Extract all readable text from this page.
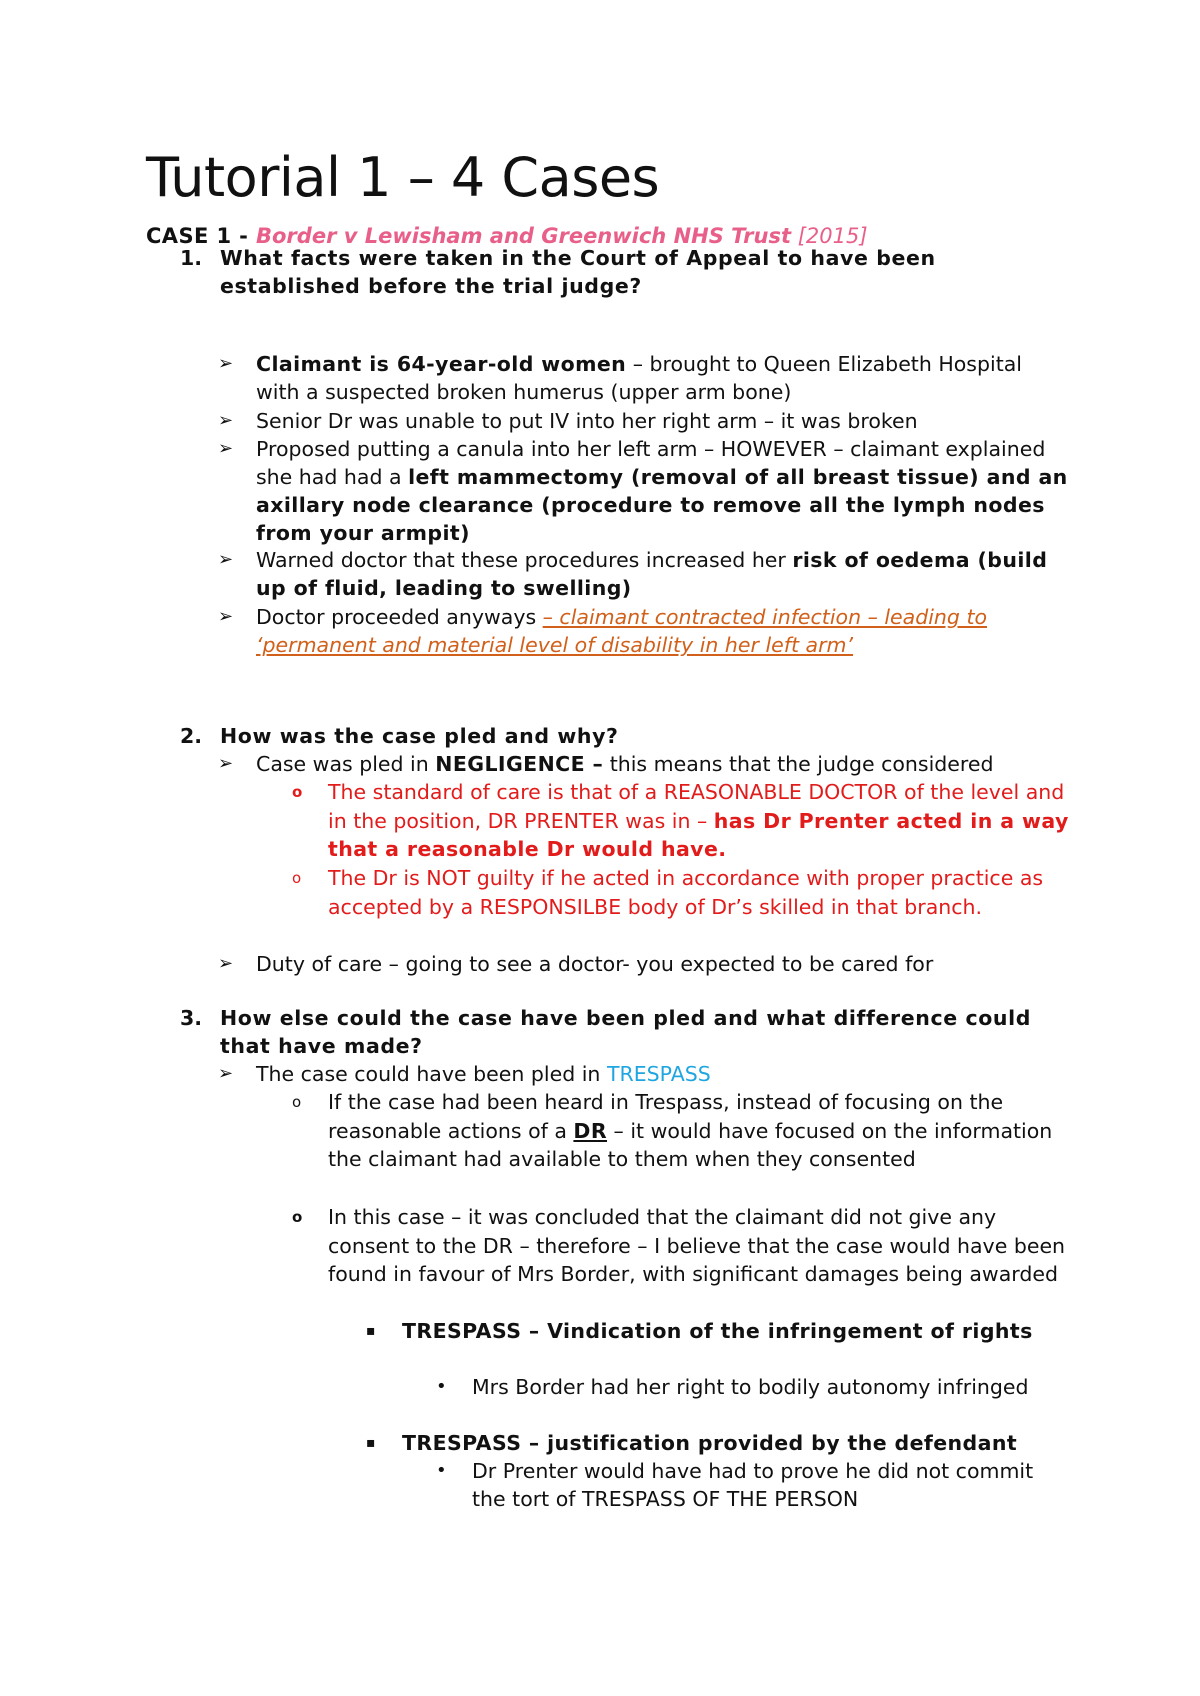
Tutorial 1 – 4 Cases

CASE 1 - Border v Lewisham and Greenwich NHS Trust [2015]

1. What facts were taken in the Court of Appeal to have been established before the trial judge?

➢	Claimant is 64-year-old women – brought to Queen Elizabeth Hospital with a suspected broken humerus (upper arm bone)

➢	Senior Dr was unable to put IV into her right arm – it was broken

➢	Proposed putting a canula into her left arm – HOWEVER – claimant explained she had had a left mammectomy (removal of all breast tissue) and an axillary node clearance (procedure to remove all the lymph nodes from your armpit)

➢	Warned doctor that these procedures increased her risk of oedema (build up of fluid, leading to swelling)

➢	Doctor proceeded anyways – claimant contracted infection – leading to ‘permanent and material level of disability in her left arm’

2. How was the case pled and why?

➢	Case was pled in NEGLIGENCE – this means that the judge considered

o	The standard of care is that of a REASONABLE DOCTOR of the level and in the position, DR PRENTER was in – has Dr Prenter acted in a way that a reasonable Dr would have.

o	The Dr is NOT guilty if he acted in accordance with proper practice as accepted by a RESPONSILBE body of Dr’s skilled in that branch.

➢	Duty of care – going to see a doctor- you expected to be cared for

3. How else could the case have been pled and what difference could that have made?

➢	The case could have been pled in TRESPASS

o	If the case had been heard in Trespass, instead of focusing on the reasonable actions of a DR – it would have focused on the information the claimant had available to them when they consented

o	In this case – it was concluded that the claimant did not give any consent to the DR – therefore – I believe that the case would have been found in favour of Mrs Border, with significant damages being awarded

▪	TRESPASS – Vindication of the infringement of rights

•	Mrs Border had her right to bodily autonomy infringed

▪	TRESPASS – justification provided by the defendant

•	Dr Prenter would have had to prove he did not commit the tort of TRESPASS OF THE PERSON
